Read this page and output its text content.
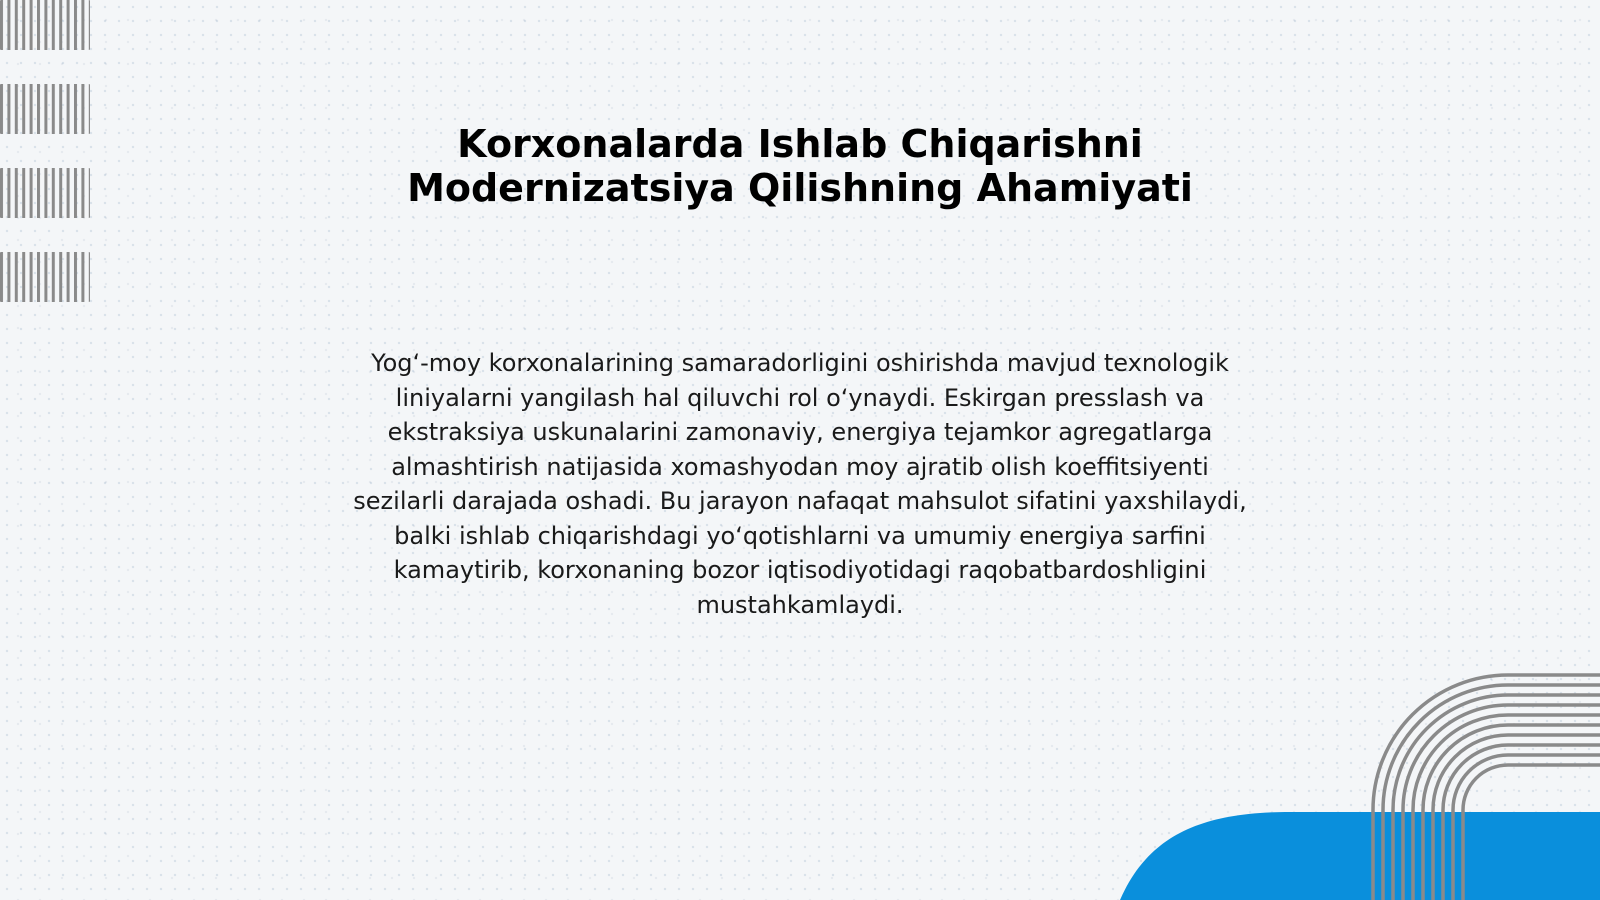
Korxonalarda Ishlab Chiqarishni Modernizatsiya Qilishning Ahamiyati

Yog‘-moy korxonalarining samaradorligini oshirishda mavjud texnologik liniyalarni yangilash hal qiluvchi rol o‘ynaydi. Eskirgan presslash va ekstraksiya uskunalarini zamonaviy, energiya tejamkor agregatlarga almashtirish natijasida xomashyodan moy ajratib olish koeffitsiyenti sezilarli darajada oshadi. Bu jarayon nafaqat mahsulot sifatini yaxshilaydi, balki ishlab chiqarishdagi yo‘qotishlarni va umumiy energiya sarfini kamaytirib, korxonaning bozor iqtisodiyotidagi raqobatbardoshligini mustahkamlaydi.
